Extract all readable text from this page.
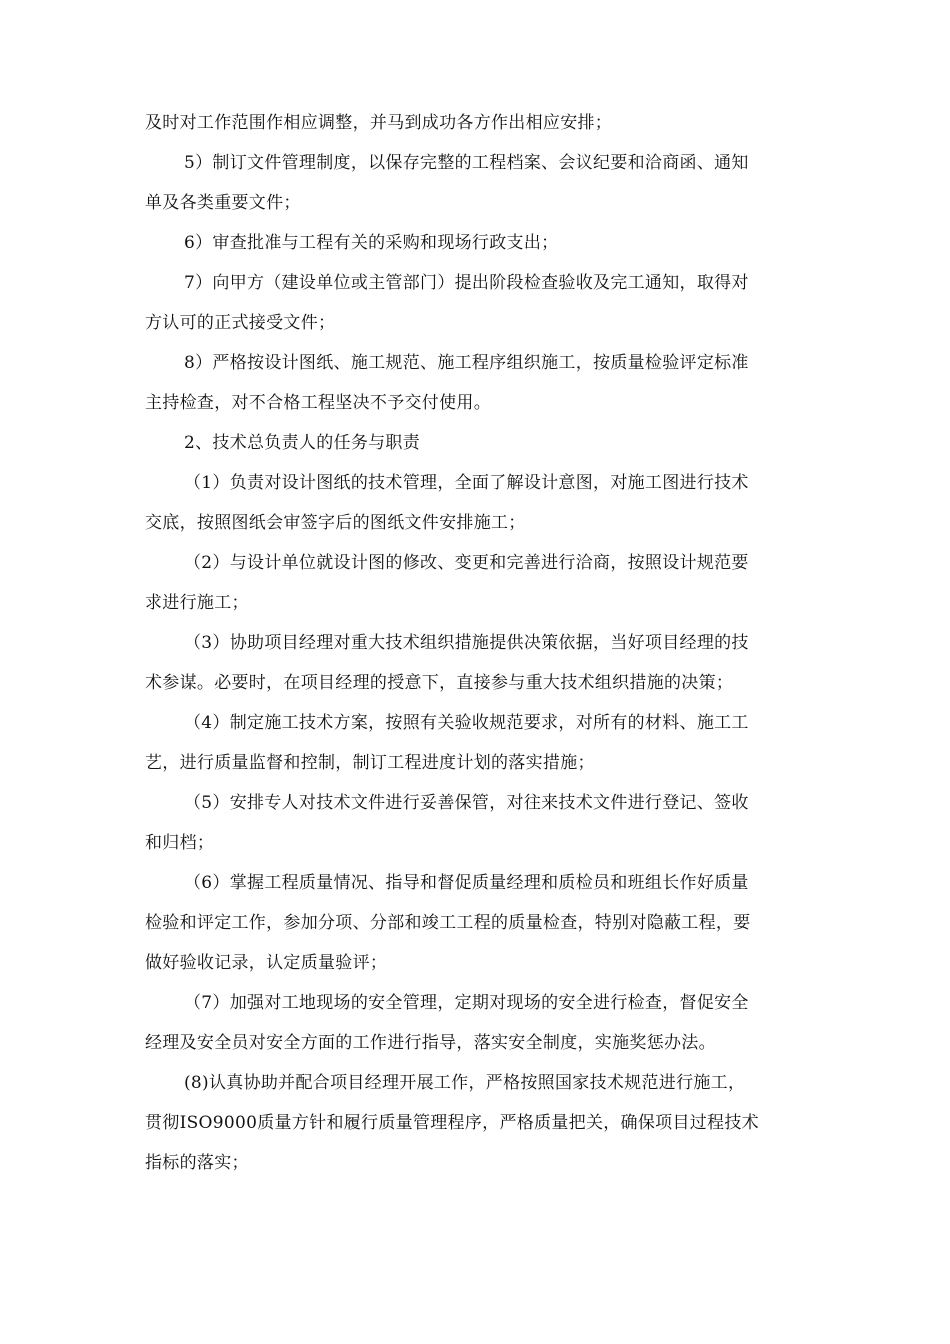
及时对工作范围作相应调整，并马到成功各方作出相应安排；
5）制订文件管理制度，以保存完整的工程档案、会议纪要和洽商函、通知
单及各类重要文件；
6）审查批准与工程有关的采购和现场行政支出；
7）向甲方（建设单位或主管部门）提出阶段检查验收及完工通知，取得对
方认可的正式接受文件；
8）严格按设计图纸、施工规范、施工程序组织施工，按质量检验评定标准
主持检查，对不合格工程坚决不予交付使用。
2、技术总负责人的任务与职责
（1）负责对设计图纸的技术管理，全面了解设计意图，对施工图进行技术
交底，按照图纸会审签字后的图纸文件安排施工；
（2）与设计单位就设计图的修改、变更和完善进行洽商，按照设计规范要
求进行施工；
（3）协助项目经理对重大技术组织措施提供决策依据，当好项目经理的技
术参谋。必要时，在项目经理的授意下，直接参与重大技术组织措施的决策；
（4）制定施工技术方案，按照有关验收规范要求，对所有的材料、施工工
艺，进行质量监督和控制，制订工程进度计划的落实措施；
（5）安排专人对技术文件进行妥善保管，对往来技术文件进行登记、签收
和归档；
（6）掌握工程质量情况、指导和督促质量经理和质检员和班组长作好质量
检验和评定工作，参加分项、分部和竣工工程的质量检查，特别对隐蔽工程，要
做好验收记录，认定质量验评；
（7）加强对工地现场的安全管理，定期对现场的安全进行检查，督促安全
经理及安全员对安全方面的工作进行指导，落实安全制度，实施奖惩办法。
(8)认真协助并配合项目经理开展工作，严格按照国家技术规范进行施工，
贯彻ISO9000质量方针和履行质量管理程序，严格质量把关，确保项目过程技术
指标的落实；
